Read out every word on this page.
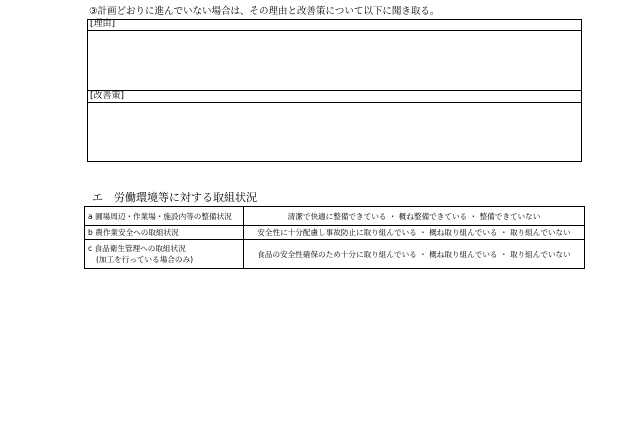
③計画どおりに進んでいない場合は、その理由と改善策について以下に聞き取る。
[理由]
[改善策]
エ　労働環境等に対する取組状況
a 圃場周辺・作業場・施設内等の整備状況	清潔で快適に整備できている ・ 概ね整備できている ・ 整備できていない

b 農作業安全への取組状況	安全性に十分配慮し事故防止に取り組んでいる ・ 概ね取り組んでいる ・ 取り組んでいない

c 食品衛生管理への取組状況
(加工を行っている場合のみ)	食品の安全性確保のため十分に取り組んでいる ・ 概ね取り組んでいる ・ 取り組んでいない
